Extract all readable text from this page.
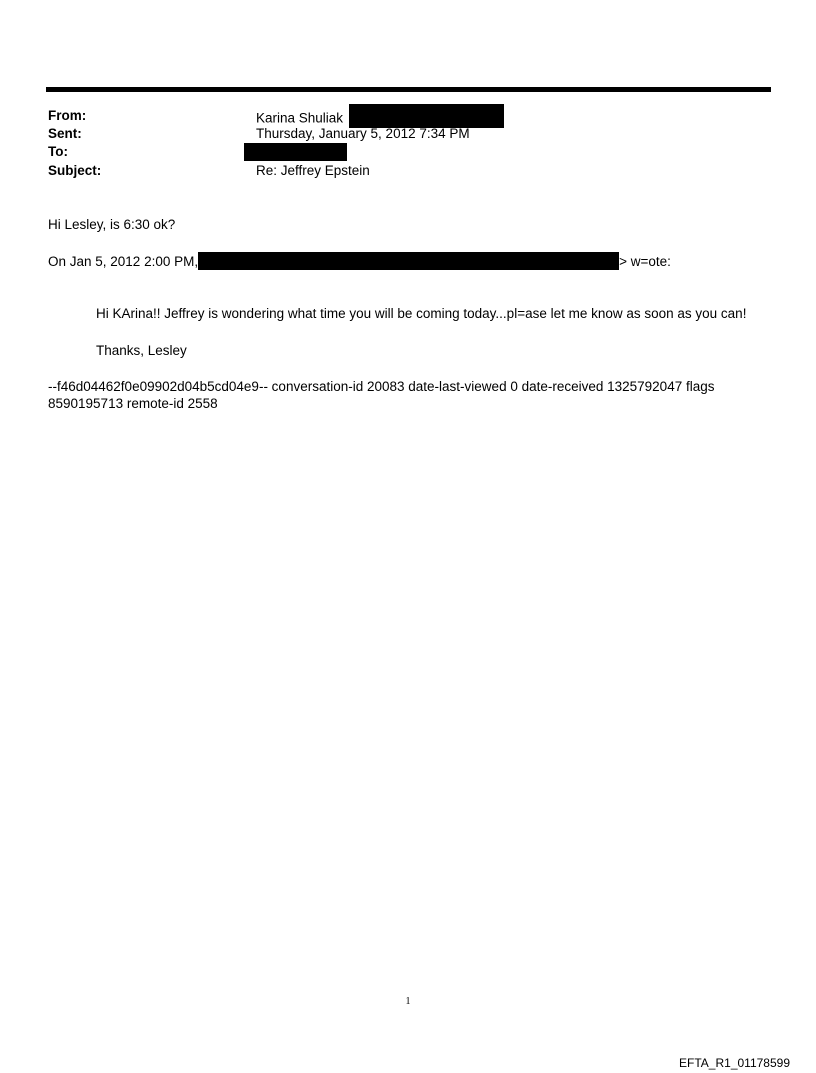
From:	Karina Shuliak
Sent:	Thursday, January 5, 2012 7:34 PM
To:
Subject:	Re: Jeffrey Epstein
Hi Lesley, is 6:30 ok?
On Jan 5, 2012 2:00 PM,	> w=ote:
Hi KArina!! Jeffrey is wondering what time you will be coming today...pl=ase let me know as soon as you can!
Thanks, Lesley
--f46d04462f0e09902d04b5cd04e9-- conversation-id 20083 date-last-viewed 0 date-received 1325792047 flags 8590195713 remote-id 2558
1
EFTA_R1_01178599
